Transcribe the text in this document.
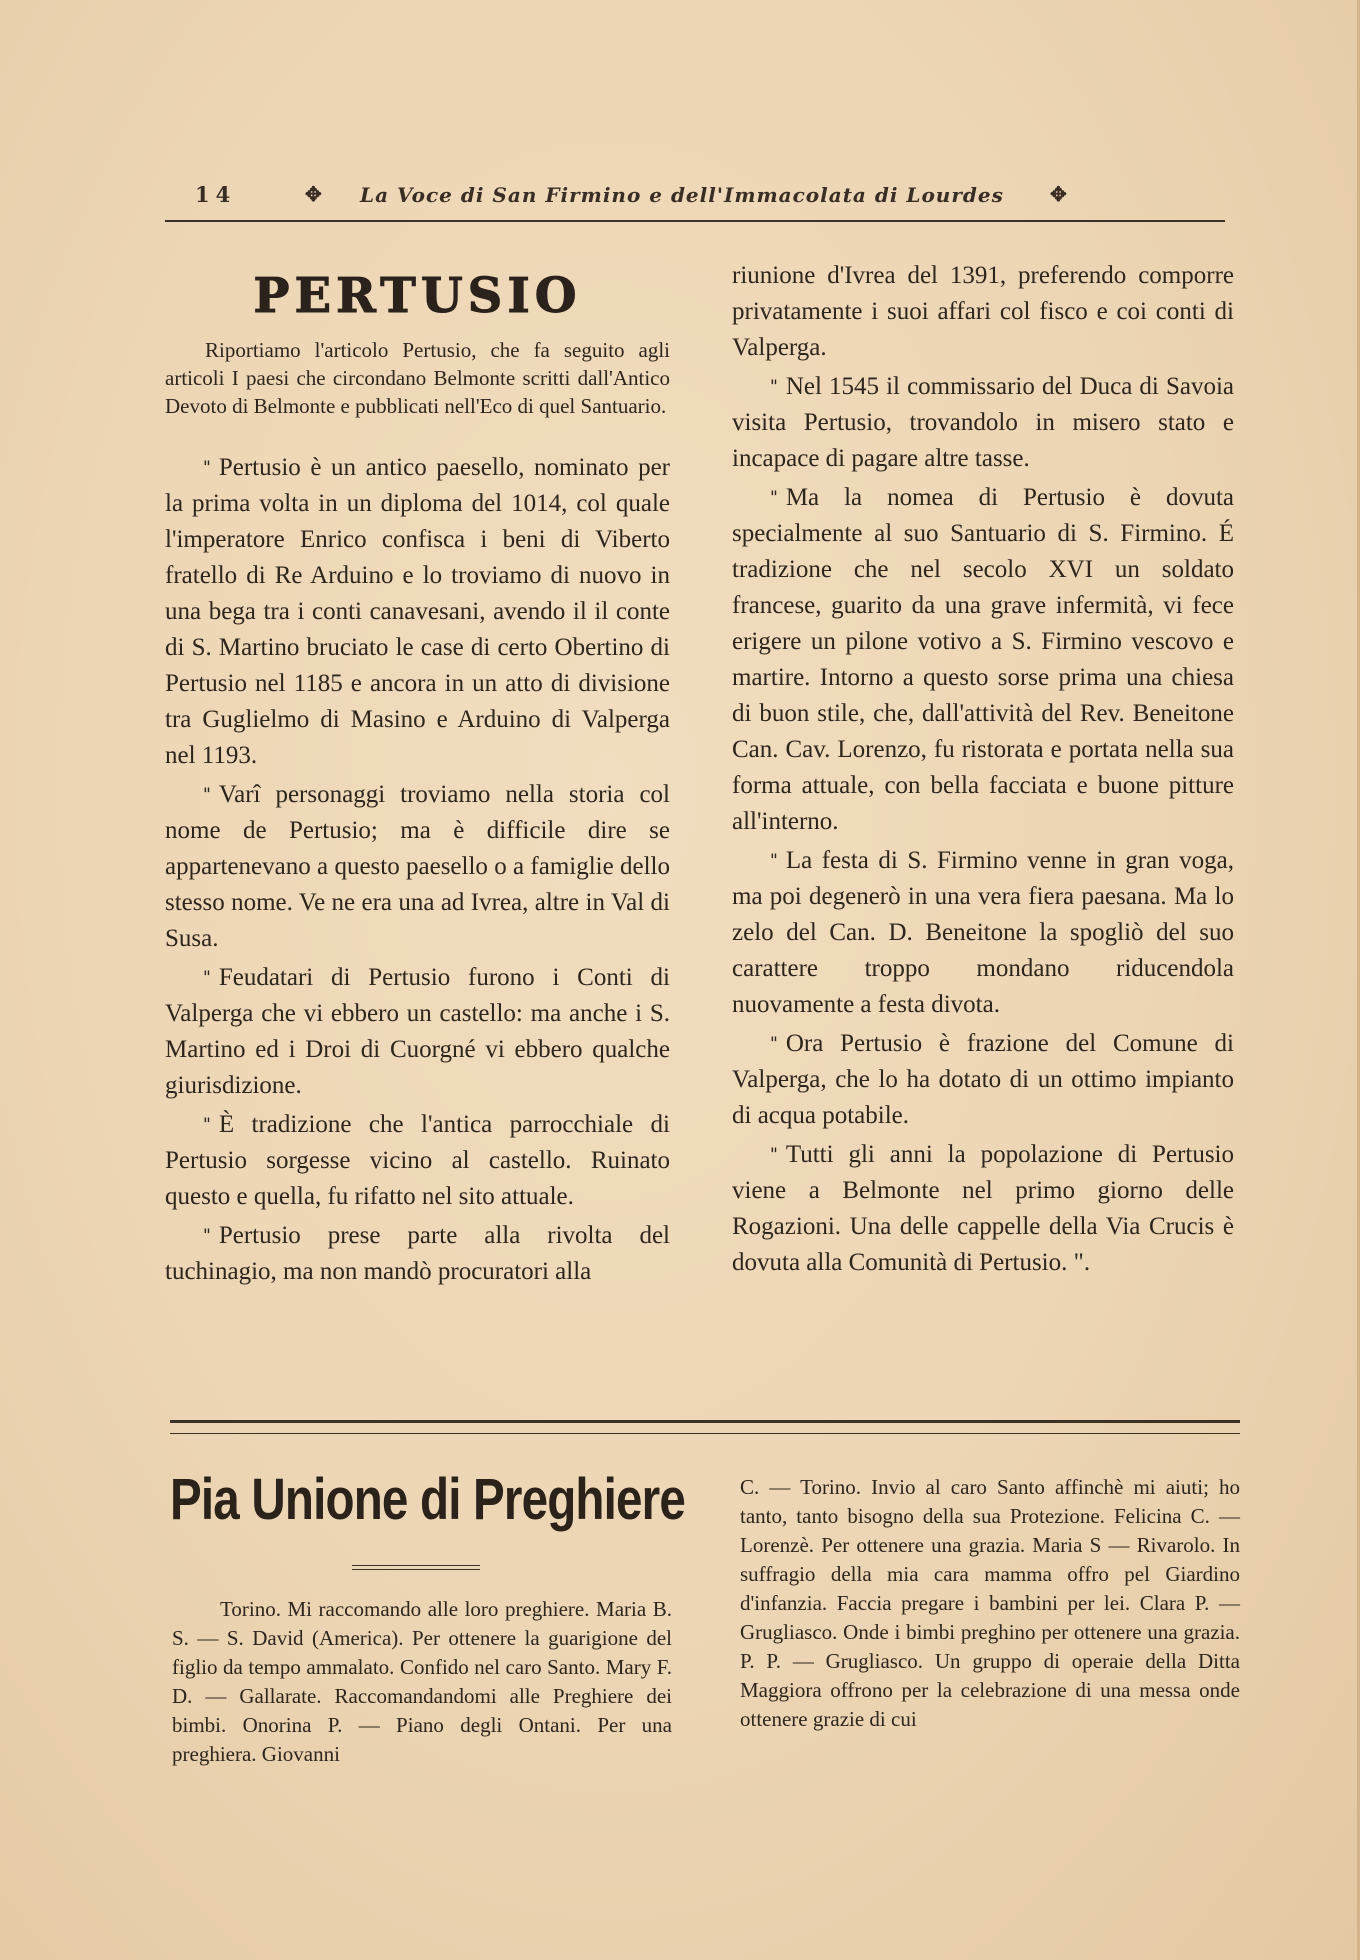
14	✥ La Voce di San Firmino e dell'Immacolata di Lourdes ✥
PERTUSIO

Riportiamo l'articolo Pertusio, che fa seguito agli articoli I paesi che circondano Belmonte scritti dall'Antico Devoto di Belmonte e pubblicati nell'Eco di quel Santuario.

" Pertusio è un antico paesello, nominato per la prima volta in un diploma del 1014, col quale l'imperatore Enrico confisca i beni di Viberto fratello di Re Arduino e lo troviamo di nuovo in una bega tra i conti canavesani, avendo il il conte di S. Martino bruciato le case di certo Obertino di Pertusio nel 1185 e ancora in un atto di divisione tra Guglielmo di Masino e Arduino di Valperga nel 1193.

" Varî personaggi troviamo nella storia col nome de Pertusio; ma è difficile dire se appartenevano a questo paesello o a famiglie dello stesso nome. Ve ne era una ad Ivrea, altre in Val di Susa.

" Feudatari di Pertusio furono i Conti di Valperga che vi ebbero un castello: ma anche i S. Martino ed i Droi di Cuorgné vi ebbero qualche giurisdizione.

" È tradizione che l'antica parrocchiale di Pertusio sorgesse vicino al castello. Ruinato questo e quella, fu rifatto nel sito attuale.

" Pertusio prese parte alla rivolta del tuchinagio, ma non mandò procuratori alla

riunione d'Ivrea del 1391, preferendo comporre privatamente i suoi affari col fisco e coi conti di Valperga.

" Nel 1545 il commissario del Duca di Savoia visita Pertusio, trovandolo in misero stato e incapace di pagare altre tasse.

" Ma la nomea di Pertusio è dovuta specialmente al suo Santuario di S. Firmino. É tradizione che nel secolo XVI un soldato francese, guarito da una grave infermità, vi fece erigere un pilone votivo a S. Firmino vescovo e martire. Intorno a questo sorse prima una chiesa di buon stile, che, dall'attività del Rev. Beneitone Can. Cav. Lorenzo, fu ristorata e portata nella sua forma attuale, con bella facciata e buone pitture all'interno.

" La festa di S. Firmino venne in gran voga, ma poi degenerò in una vera fiera paesana. Ma lo zelo del Can. D. Beneitone la spogliò del suo carattere troppo mondano riducendola nuovamente a festa divota.

" Ora Pertusio è frazione del Comune di Valperga, che lo ha dotato di un ottimo impianto di acqua potabile.

" Tutti gli anni la popolazione di Pertusio viene a Belmonte nel primo giorno delle Rogazioni. Una delle cappelle della Via Crucis è dovuta alla Comunità di Pertusio. ".

Pia Unione di Preghiere

Torino. Mi raccomando alle loro preghiere. Maria B. S. — S. David (America). Per ottenere la guarigione del figlio da tempo ammalato. Confido nel caro Santo. Mary F. D. — Gallarate. Raccomandandomi alle Preghiere dei bimbi. Onorina P. — Piano degli Ontani. Per una preghiera. Giovanni

C. — Torino. Invio al caro Santo affinchè mi aiuti; ho tanto, tanto bisogno della sua Protezione. Felicina C. — Lorenzè. Per ottenere una grazia. Maria S — Rivarolo. In suffragio della mia cara mamma offro pel Giardino d'infanzia. Faccia pregare i bambini per lei. Clara P. — Grugliasco. Onde i bimbi preghino per ottenere una grazia. P. P. — Grugliasco. Un gruppo di operaie della Ditta Maggiora offrono per la celebrazione di una messa onde ottenere grazie di cui
